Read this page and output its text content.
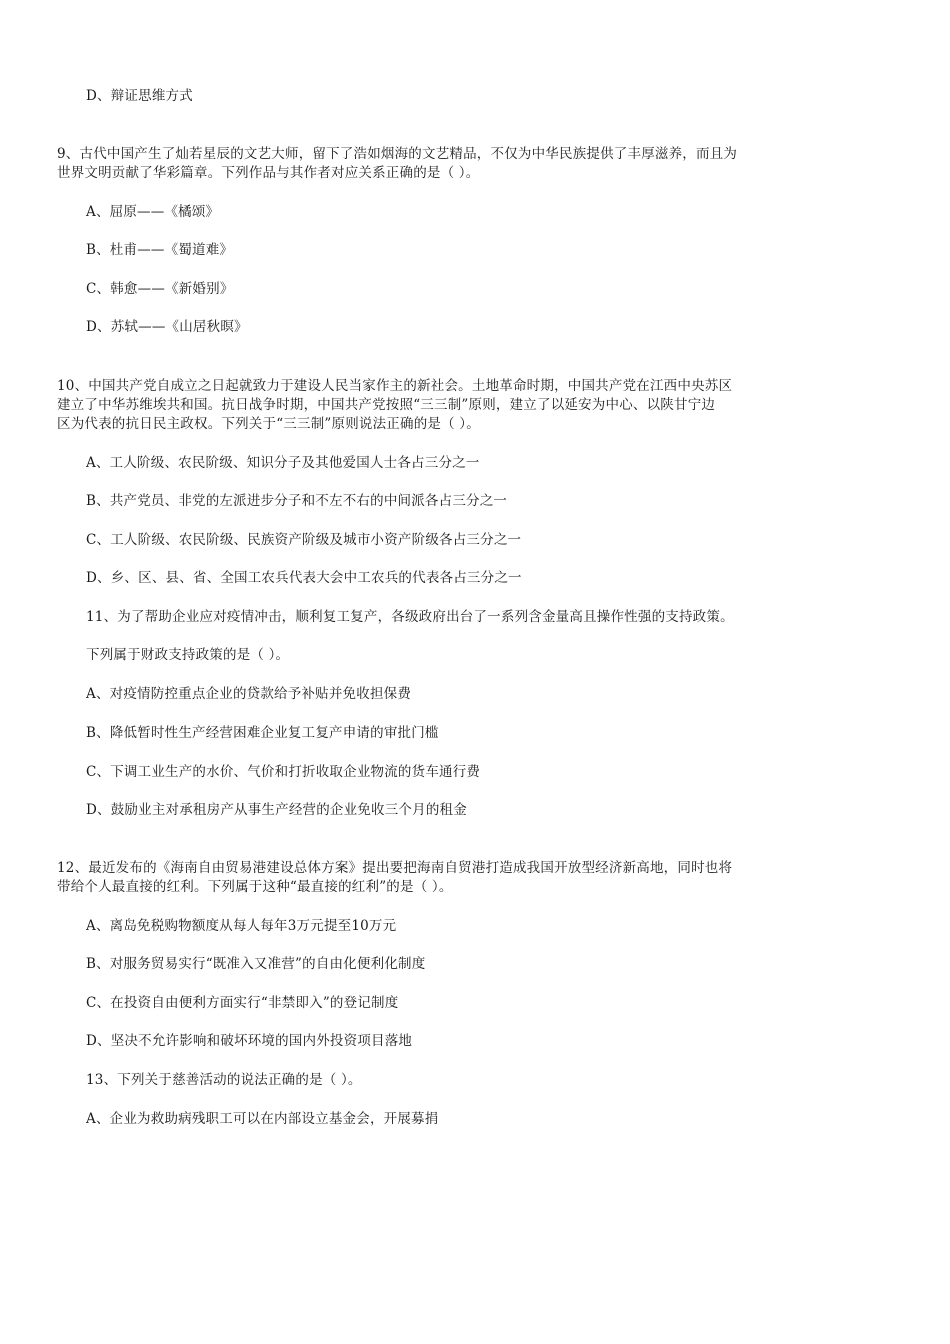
D、辩证思维方式
9、古代中国产生了灿若星辰的文艺大师，留下了浩如烟海的文艺精品，不仅为中华民族提供了丰厚滋养，而且为
世界文明贡献了华彩篇章。下列作品与其作者对应关系正确的是（ ）。
A、屈原——《橘颂》
B、杜甫——《蜀道难》
C、韩愈——《新婚别》
D、苏轼——《山居秋暝》
10、中国共产党自成立之日起就致力于建设人民当家作主的新社会。土地革命时期，中国共产党在江西中央苏区
建立了中华苏维埃共和国。抗日战争时期，中国共产党按照“三三制”原则，建立了以延安为中心、以陕甘宁边
区为代表的抗日民主政权。下列关于“三三制”原则说法正确的是（ ）。
A、工人阶级、农民阶级、知识分子及其他爱国人士各占三分之一
B、共产党员、非党的左派进步分子和不左不右的中间派各占三分之一
C、工人阶级、农民阶级、民族资产阶级及城市小资产阶级各占三分之一
D、乡、区、县、省、全国工农兵代表大会中工农兵的代表各占三分之一
11、为了帮助企业应对疫情冲击，顺利复工复产，各级政府出台了一系列含金量高且操作性强的支持政策。
下列属于财政支持政策的是（ ）。
A、对疫情防控重点企业的贷款给予补贴并免收担保费
B、降低暂时性生产经营困难企业复工复产申请的审批门槛
C、下调工业生产的水价、气价和打折收取企业物流的货车通行费
D、鼓励业主对承租房产从事生产经营的企业免收三个月的租金
12、最近发布的《海南自由贸易港建设总体方案》提出要把海南自贸港打造成我国开放型经济新高地，同时也将
带给个人最直接的红利。下列属于这种“最直接的红利”的是（ ）。
A、离岛免税购物额度从每人每年3万元提至10万元
B、对服务贸易实行“既准入又准营”的自由化便利化制度
C、在投资自由便利方面实行“非禁即入”的登记制度
D、坚决不允许影响和破坏环境的国内外投资项目落地
13、下列关于慈善活动的说法正确的是（ ）。
A、企业为救助病残职工可以在内部设立基金会，开展募捐
